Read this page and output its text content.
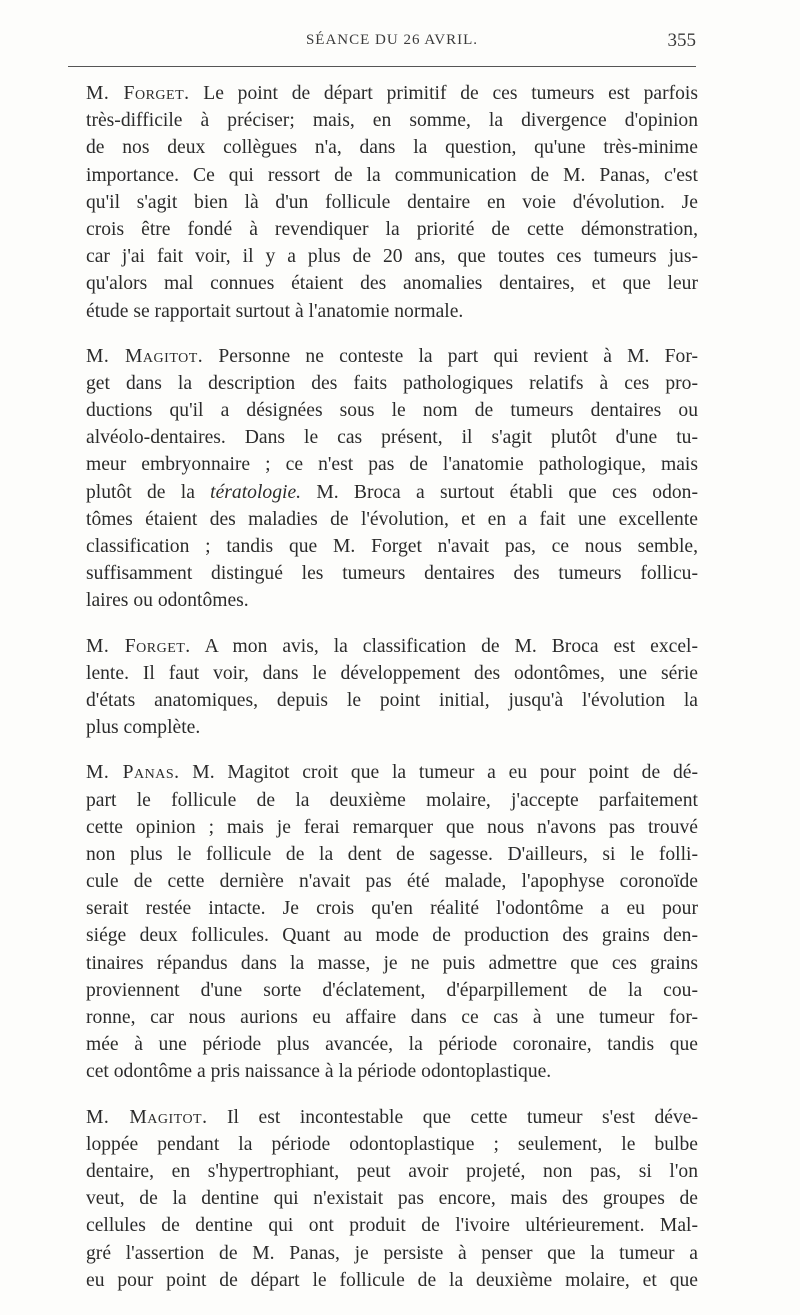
SÉANCE DU 26 AVRIL.	355

M. Forget. Le point de départ primitif de ces tumeurs est parfois
très-difficile à préciser; mais, en somme, la divergence d'opinion
de nos deux collègues n'a, dans la question, qu'une très-minime
importance. Ce qui ressort de la communication de M. Panas, c'est
qu'il s'agit bien là d'un follicule dentaire en voie d'évolution. Je
crois être fondé à revendiquer la priorité de cette démonstration,
car j'ai fait voir, il y a plus de 20 ans, que toutes ces tumeurs jus-
qu'alors mal connues étaient des anomalies dentaires, et que leur
étude se rapportait surtout à l'anatomie normale.

M. Magitot. Personne ne conteste la part qui revient à M. For-
get dans la description des faits pathologiques relatifs à ces pro-
ductions qu'il a désignées sous le nom de tumeurs dentaires ou
alvéolo-dentaires. Dans le cas présent, il s'agit plutôt d'une tu-
meur embryonnaire ; ce n'est pas de l'anatomie pathologique, mais
plutôt de la tératologie. M. Broca a surtout établi que ces odon-
tômes étaient des maladies de l'évolution, et en a fait une excellente
classification ; tandis que M. Forget n'avait pas, ce nous semble,
suffisamment distingué les tumeurs dentaires des tumeurs follicu-
laires ou odontômes.

M. Forget. A mon avis, la classification de M. Broca est excel-
lente. Il faut voir, dans le développement des odontômes, une série
d'états anatomiques, depuis le point initial, jusqu'à l'évolution la
plus complète.

M. Panas. M. Magitot croit que la tumeur a eu pour point de dé-
part le follicule de la deuxième molaire, j'accepte parfaitement
cette opinion ; mais je ferai remarquer que nous n'avons pas trouvé
non plus le follicule de la dent de sagesse. D'ailleurs, si le folli-
cule de cette dernière n'avait pas été malade, l'apophyse coronoïde
serait restée intacte. Je crois qu'en réalité l'odontôme a eu pour
siége deux follicules. Quant au mode de production des grains den-
tinaires répandus dans la masse, je ne puis admettre que ces grains
proviennent d'une sorte d'éclatement, d'éparpillement de la cou-
ronne, car nous aurions eu affaire dans ce cas à une tumeur for-
mée à une période plus avancée, la période coronaire, tandis que
cet odontôme a pris naissance à la période odontoplastique.

M. Magitot. Il est incontestable que cette tumeur s'est déve-
loppée pendant la période odontoplastique ; seulement, le bulbe
dentaire, en s'hypertrophiant, peut avoir projeté, non pas, si l'on
veut, de la dentine qui n'existait pas encore, mais des groupes de
cellules de dentine qui ont produit de l'ivoire ultérieurement. Mal-
gré l'assertion de M. Panas, je persiste à penser que la tumeur a
eu pour point de départ le follicule de la deuxième molaire, et que
